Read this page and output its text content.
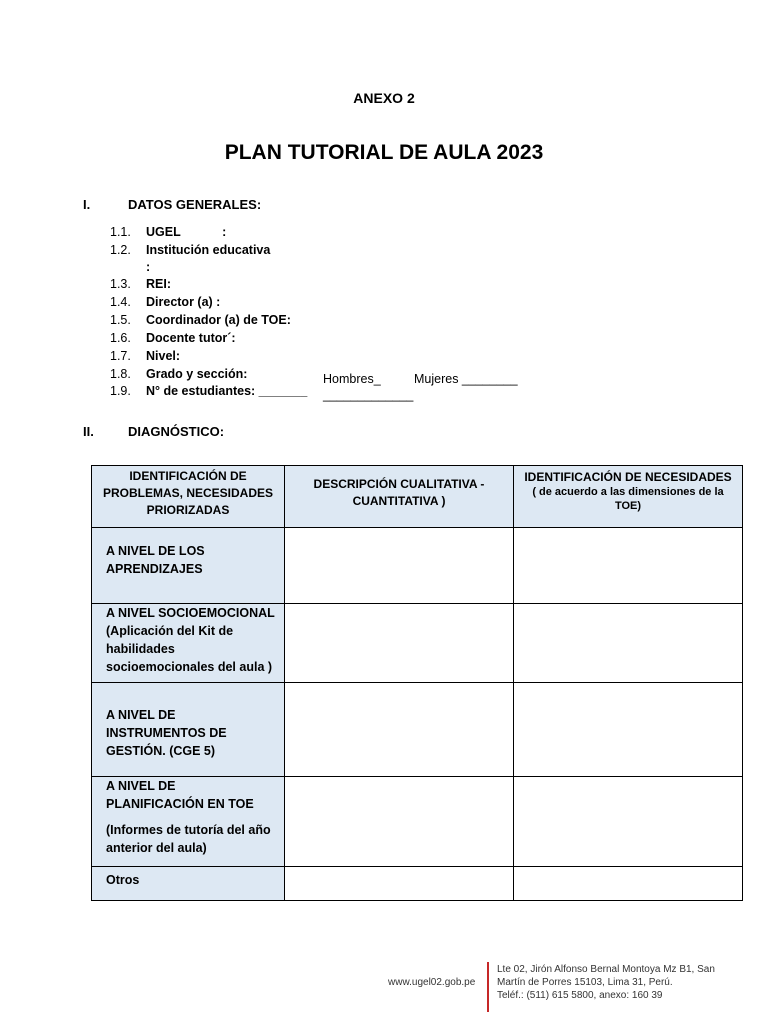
ANEXO 2
PLAN TUTORIAL DE AULA 2023
I.	DATOS GENERALES:
1.1. UGEL            :
1.2. Institución educativa
:
1.3. REI:
1.4. Director (a) :
1.5. Coordinador (a) de TOE:
1.6. Docente tutor´:
1.7. Nivel:
1.8. Grado y sección:
1.9. N° de estudiantes: _______
Hombres_
_____________
Mujeres ________
II.	DIAGNÓSTICO:
IDENTIFICACIÓN DE PROBLEMAS, NECESIDADES PRIORIZADAS	DESCRIPCIÓN CUALITATIVA - CUANTITATIVA )	IDENTIFICACIÓN DE NECESIDADES
( de acuerdo a las dimensiones de la TOE)

A NIVEL DE LOS APRENDIZAJES		

A NIVEL SOCIOEMOCIONAL
(Aplicación del Kit de habilidades socioemocionales del aula )		

A NIVEL DE INSTRUMENTOS DE GESTIÓN. (CGE 5)		

A NIVEL DE PLANIFICACIÓN EN TOE
(Informes de tutoría del año anterior del aula)		

Otros		
www.ugel02.gob.pe
Lte 02, Jirón Alfonso Bernal Montoya Mz B1, San
Martín de Porres 15103, Lima 31, Perú.
Teléf.: (511) 615 5800, anexo: 160 39
